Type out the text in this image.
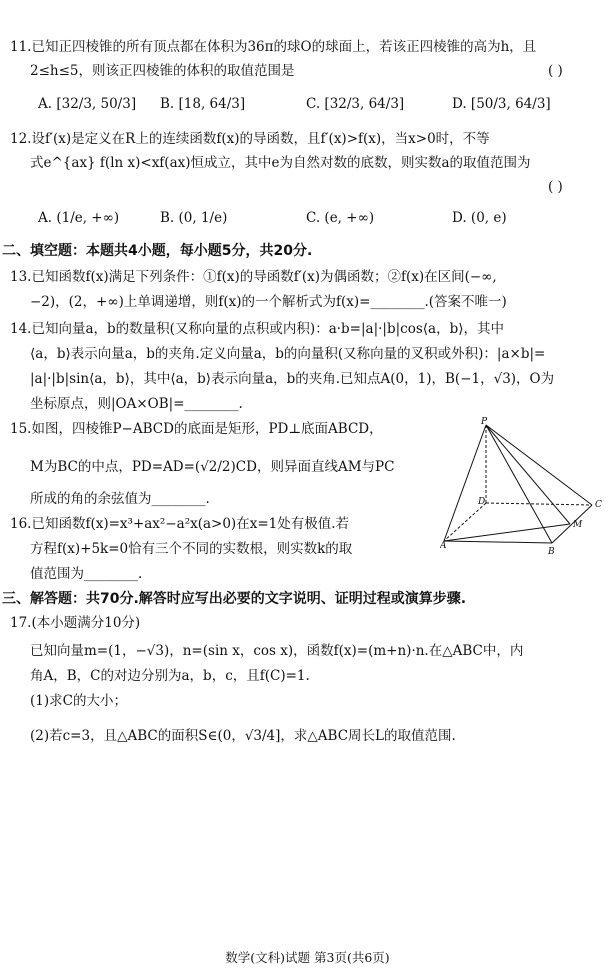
11.已知正四棱锥的所有顶点都在体积为36π的球O的球面上，若该正四棱锥的高为h，且
2≤h≤5，则该正四棱锥的体积的取值范围是	( )
A. [32/3, 50/3] B. [18, 64/3]	C. [32/3, 64/3]	D. [50/3, 64/3]
12.设f′(x)是定义在R上的连续函数f(x)的导函数，且f′(x)>f(x)，当x>0时，不等
式e^{ax} f(ln x)<xf(ax)恒成立，其中e为自然对数的底数，则实数a的取值范围为
( )
A. (1/e, +∞)	B. (0, 1/e)	C. (e, +∞)	D. (0, e)
二、填空题：本题共4小题，每小题5分，共20分.
13.已知函数f(x)满足下列条件：①f(x)的导函数f′(x)为偶函数；②f(x)在区间(−∞,
−2)，(2，+∞)上单调递增，则f(x)的一个解析式为f(x)=________.(答案不唯一)
14.已知向量a，b的数量积(又称向量的点积或内积)：a·b=|a|·|b|cos⟨a，b⟩，其中
⟨a，b⟩表示向量a，b的夹角.定义向量a，b的向量积(又称向量的叉积或外积)：|a×b|=
|a|·|b|sin⟨a，b⟩，其中⟨a，b⟩表示向量a，b的夹角.已知点A(0，1)，B(−1，√3)，O为
坐标原点，则|OA×OB|=________.
15.如图，四棱锥P−ABCD的底面是矩形，PD⊥底面ABCD，
M为BC的中点，PD=AD=(√2/2)CD，则异面直线AM与PC
所成的角的余弦值为________.
16.已知函数f(x)=x³+ax²−a²x(a>0)在x=1处有极值.若
方程f(x)+5k=0恰有三个不同的实数根，则实数k的取
值范围为________.
P
D	C
M
B
A
三、解答题：共70分.解答时应写出必要的文字说明、证明过程或演算步骤.
17.(本小题满分10分)
已知向量m=(1，−√3)，n=(sin x，cos x)，函数f(x)=(m+n)·n.在△ABC中，内
角A，B，C的对边分别为a，b，c，且f(C)=1.
(1)求C的大小；
(2)若c=3，且△ABC的面积S∈(0，√3/4]，求△ABC周长L的取值范围.
数学(文科)试题 第3页(共6页)
